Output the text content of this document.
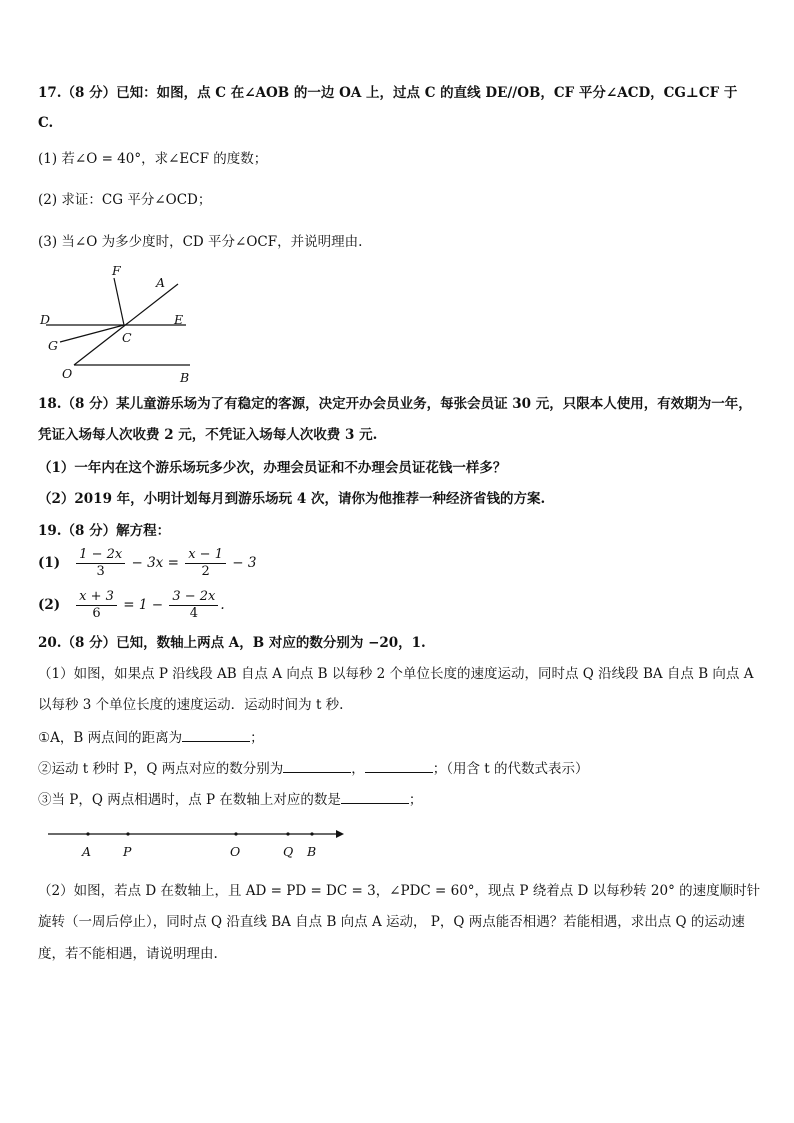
17.（8 分）已知：如图，点 C 在∠AOB 的一边 OA 上，过点 C 的直线 DE//OB，CF 平分∠ACD，CG⊥CF 于
C.
(1) 若∠O = 40°，求∠ECF 的度数；
(2) 求证：CG 平分∠OCD；
(3) 当∠O 为多少度时，CD 平分∠OCF，并说明理由.
F
A
D	E
G
C
O	B
18.（8 分）某儿童游乐场为了有稳定的客源，决定开办会员业务，每张会员证 30 元，只限本人使用，有效期为一年，
凭证入场每人次收费 2 元，不凭证入场每人次收费 3 元.
（1）一年内在这个游乐场玩多少次，办理会员证和不办理会员证花钱一样多？
（2）2019 年，小明计划每月到游乐场玩 4 次，请你为他推荐一种经济省钱的方案.
19.（8 分）解方程：
$(1) \frac{1 - 2x}{3} - 3x = \frac{x - 1}{2} - 3$
$(2) \frac{x + 3}{6} = 1 - \frac{3 - 2x}{4}$ .
20.（8 分）已知，数轴上两点 A，B 对应的数分别为 −20，1.
（1）如图，如果点 P 沿线段 AB 自点 A 向点 B 以每秒 2 个单位长度的速度运动，同时点 Q 沿线段 BA 自点 B 向点 A
以每秒 3 个单位长度的速度运动．运动时间为 t 秒.
①A，B 两点间的距离为	；
②运动 t 秒时 P，Q 两点对应的数分别为	，	；（用含 t 的代数式表示）
③当 P，Q 两点相遇时，点 P 在数轴上对应的数是	；
A	P	O	Q B
（2）如图，若点 D 在数轴上，且 AD = PD = DC = 3，∠PDC = 60°，现点 P 绕着点 D 以每秒转 20° 的速度顺时针
旋转（一周后停止），同时点 Q 沿直线 BA 自点 B 向点 A 运动， P，Q 两点能否相遇？若能相遇，求出点 Q 的运动速
度，若不能相遇，请说明理由.
